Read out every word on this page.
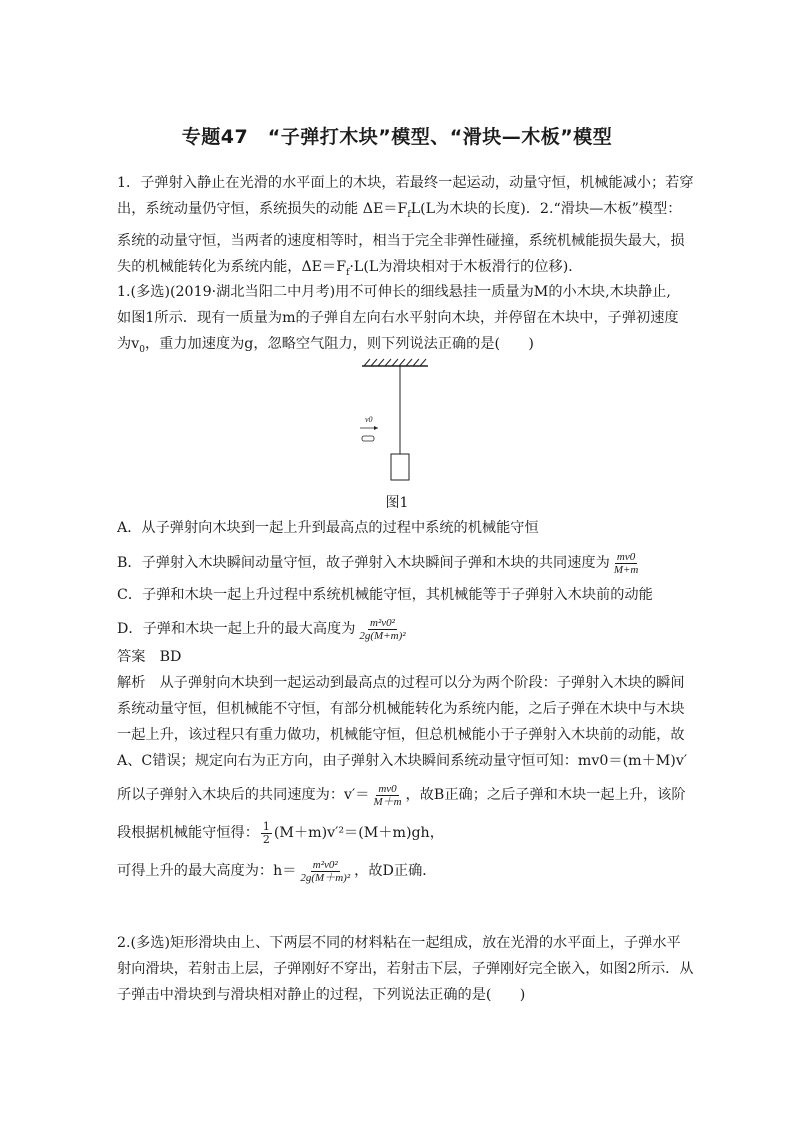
专题47　“子弹打木块”模型、“滑块—木板”模型
1．子弹射入静止在光滑的水平面上的木块，若最终一起运动，动量守恒，机械能减小；若穿
出，系统动量仍守恒，系统损失的动能 $\Delta E=F_fL(L$为木块的长度)．2.“滑块—木板”模型：
系统的动量守恒，当两者的速度相等时，相当于完全非弹性碰撞，系统机械能损失最大，损
失的机械能转化为系统内能，$\Delta E=F_f\cdot L(L$为滑块相对于木板滑行的位移)．
1.(多选)(2019·湖北当阳二中月考)用不可伸长的细线悬挂一质量为M的小木块,木块静止,
如图1所示．现有一质量为m的子弹自左向右水平射向木块，并停留在木块中，子弹初速度
为$v_0$，重力加速度为g，忽略空气阻力，则下列说法正确的是(　　)
v0
图1
A．从子弹射向木块到一起上升到最高点的过程中系统的机械能守恒
B．子弹射入木块瞬间动量守恒，故子弹射入木块瞬间子弹和木块的共同速度为 $\frac{mv0}{M+m}$
C．子弹和木块一起上升过程中系统机械能守恒，其机械能等于子弹射入木块前的动能
D．子弹和木块一起上升的最大高度为 $\frac{\text{m²v0²}}{\text{2g(M+m)²}}$
答案　BD
解析　从子弹射向木块到一起运动到最高点的过程可以分为两个阶段：子弹射入木块的瞬间
系统动量守恒，但机械能不守恒，有部分机械能转化为系统内能，之后子弹在木块中与木块
一起上升，该过程只有重力做功，机械能守恒，但总机械能小于子弹射入木块前的动能，故
A、C错误；规定向右为正方向，由子弹射入木块瞬间系统动量守恒可知：mv0＝(m＋M)v′
所以子弹射入木块后的共同速度为：$v'= \frac{mv0}{M+m}$ ，故B正确；之后子弹和木块一起上升，该阶
段根据机械能守恒得： $\frac{1}{2} (M+m)v'^2=(M+m)gh$，
可得上升的最大高度为：$h= \frac{\text{m²v0²}}{\text{2g(M＋m)²}}$ ，故D正确．
2.(多选)矩形滑块由上、下两层不同的材料粘在一起组成，放在光滑的水平面上，子弹水平
射向滑块，若射击上层，子弹刚好不穿出，若射击下层，子弹刚好完全嵌入，如图2所示．从
子弹击中滑块到与滑块相对静止的过程，下列说法正确的是(　　)
